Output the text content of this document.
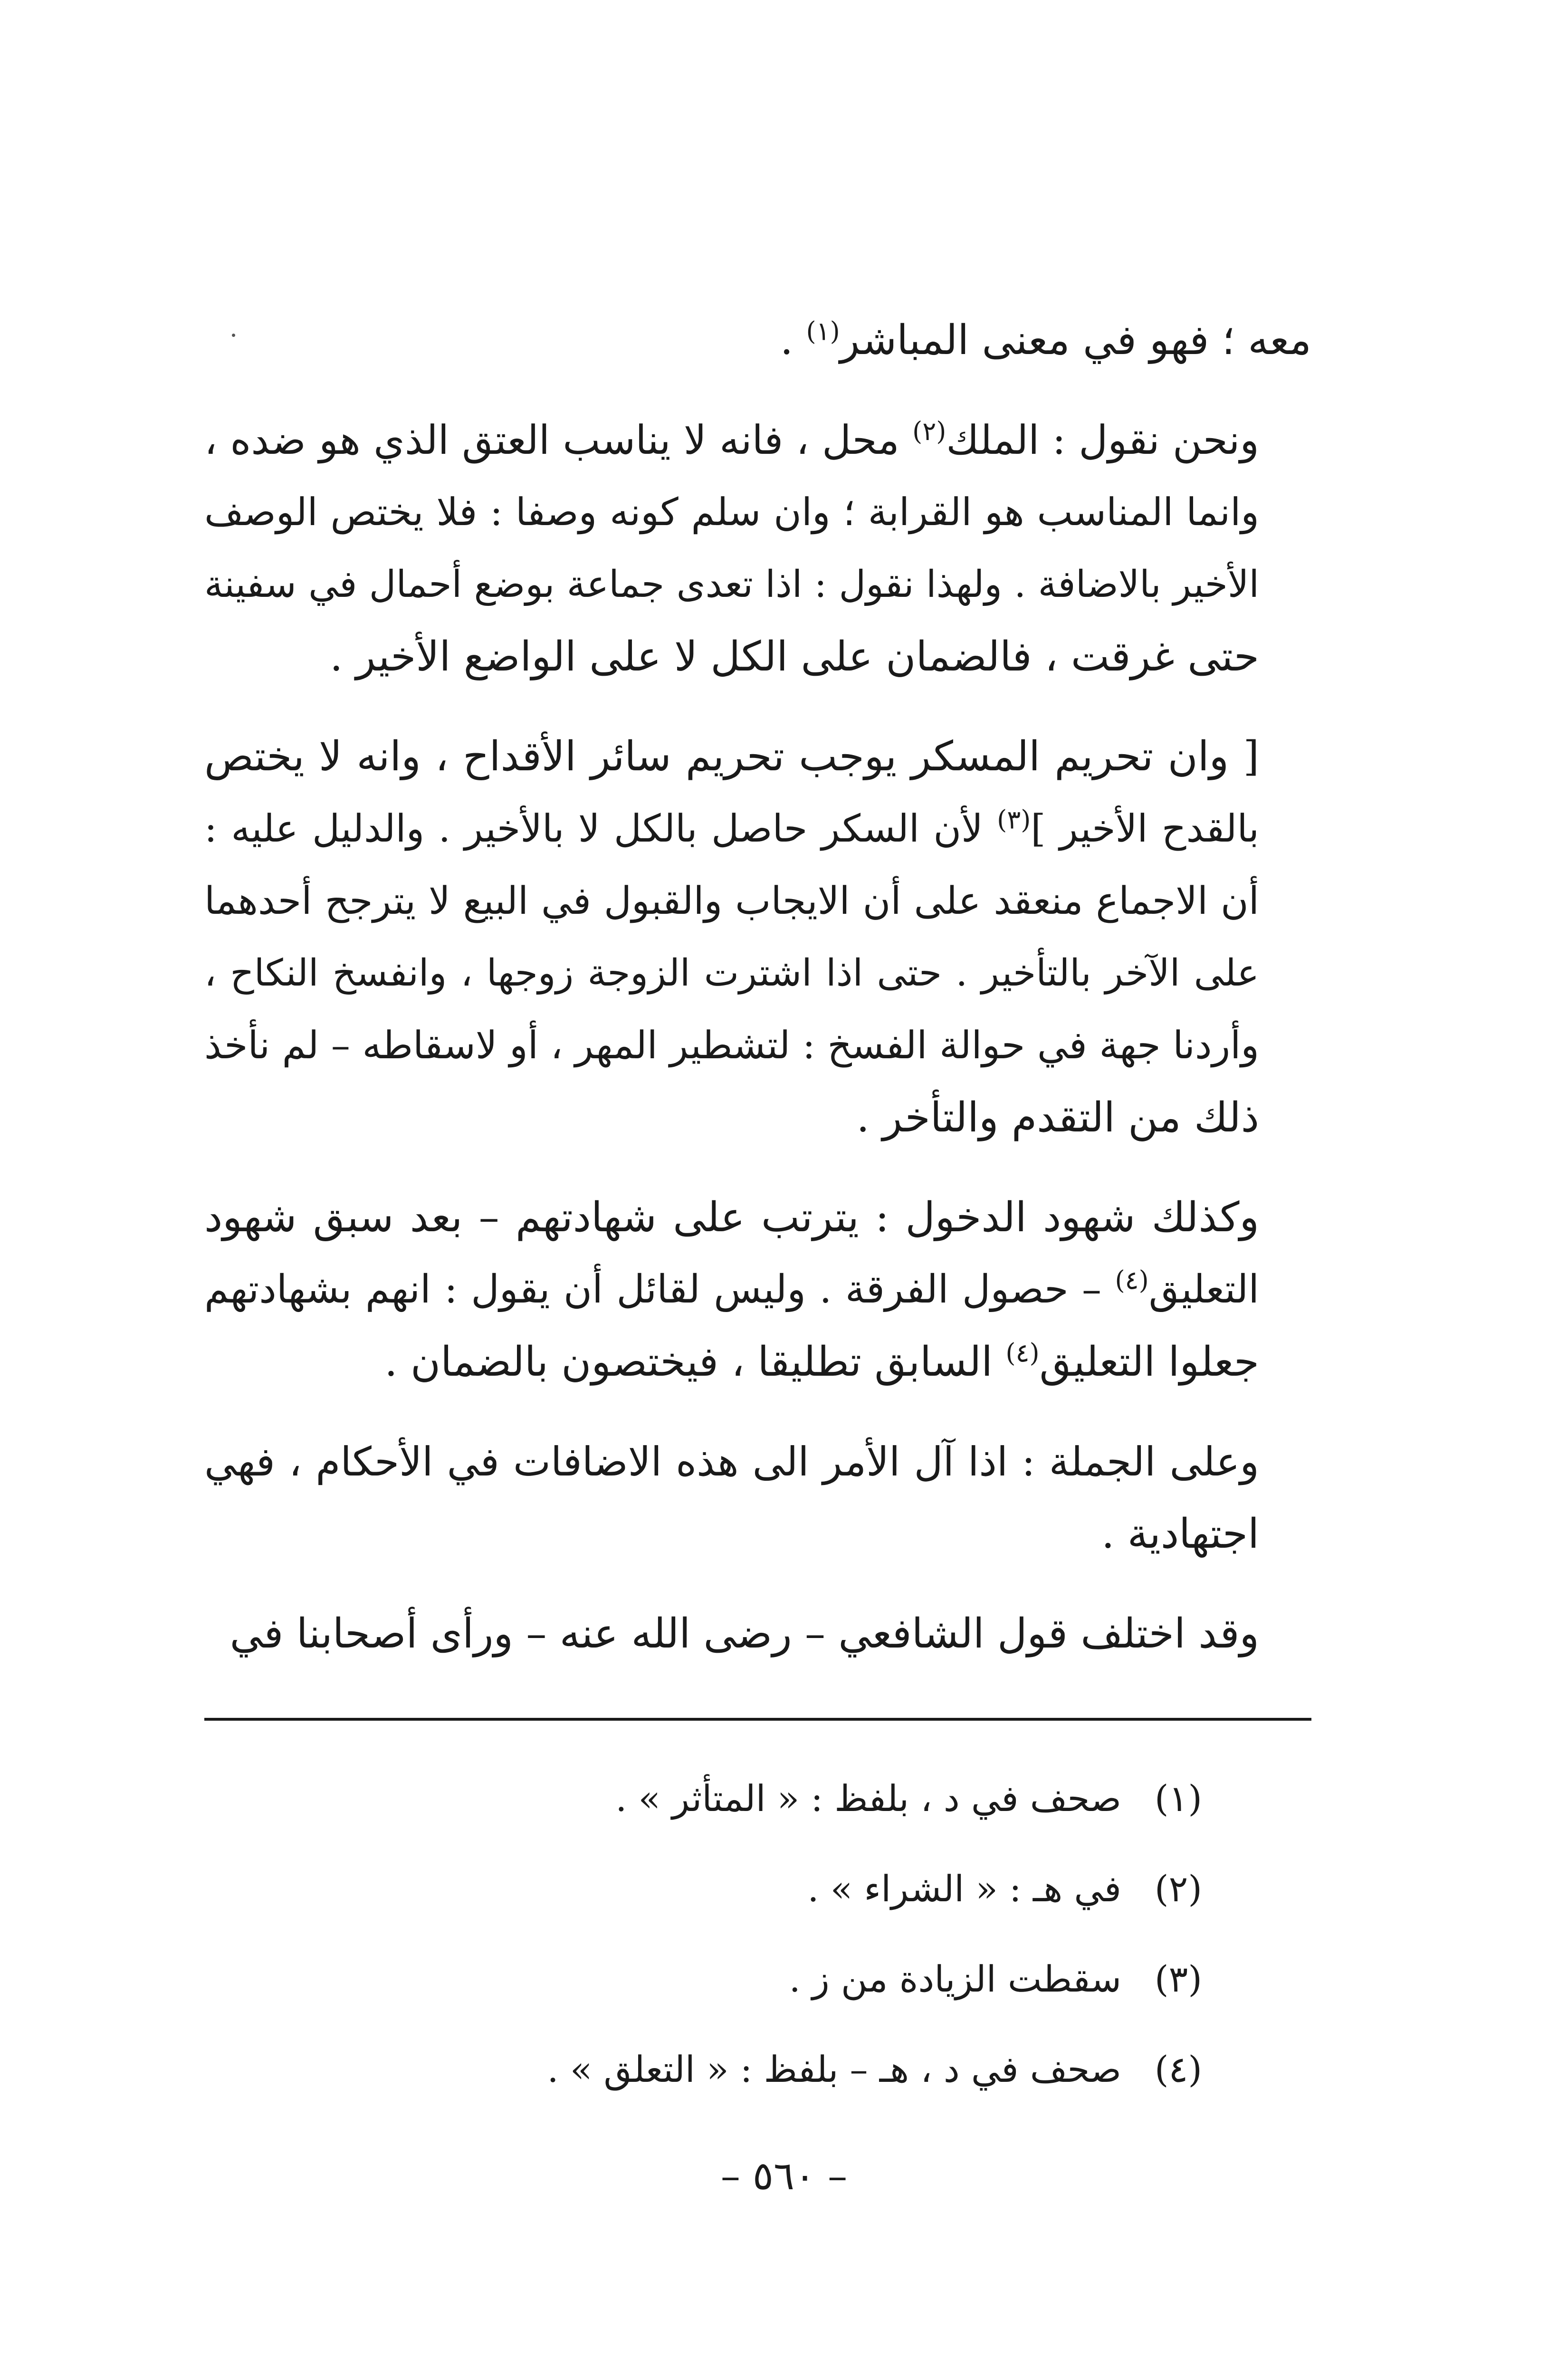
معه ؛ فهو في معنى المباشر$^{(١)}$ .
ونحن نقول : الملك$^{(٢)}$ محل ، فانه لا يناسب العتق الذي هو ضده ،
وانما المناسب هو القرابة ؛ وان سلم كونه وصفا : فلا يختص الوصف
الأخير بالاضافة . ولهذا نقول : اذا تعدى جماعة بوضع أحمال في سفينة
حتى غرقت ، فالضمان على الكل لا على الواضع الأخير .
[ وان تحريم المسكر يوجب تحريم سائر الأقداح ، وانه لا يختص
بالقدح الأخير ]$^{(٣)}$ لأن السكر حاصل بالكل لا بالأخير . والدليل عليه :
أن الاجماع منعقد على أن الايجاب والقبول في البيع لا يترجح أحدهما
على الآخر بالتأخير . حتى اذا اشترت الزوجة زوجها ، وانفسخ النكاح ،
وأردنا جهة في حوالة الفسخ : لتشطير المهر ، أو لاسقاطه – لم نأخذ
ذلك من التقدم والتأخر .
وكذلك شهود الدخول : يترتب على شهادتهم – بعد سبق شهود
التعليق$^{(٤)}$ – حصول الفرقة . وليس لقائل أن يقول : انهم بشهادتهم
جعلوا التعليق$^{(٤)}$ السابق تطليقا ، فيختصون بالضمان .
وعلى الجملة : اذا آل الأمر الى هذه الاضافات في الأحكام ، فهي
اجتهادية .
وقد اختلف قول الشافعي – رضى الله عنه – ورأى أصحابنا في
(١)صحف في د ، بلفظ : « المتأثر » .
(٢)في هـ : « الشراء » .
(٣)سقطت الزيادة من ز .
(٤)صحف في د ، هـ – بلفظ : « التعلق » .
– ٥٦٠ –
